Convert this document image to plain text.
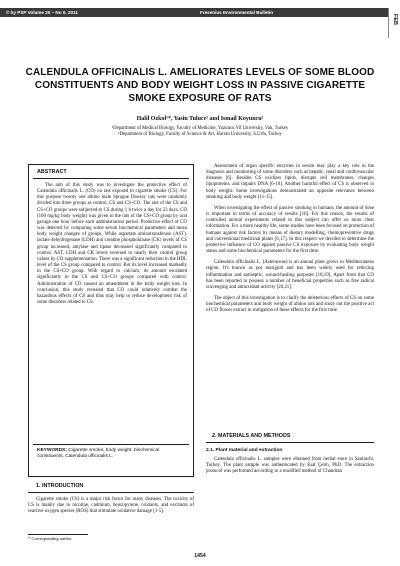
© by PSP Volume 20 – No 6. 2011	Fresenius Environmental Bulletin
FEB
CALENDULA OFFICINALIS L. AMELIORATES LEVELS OF SOME BLOOD CONSTITUENTS AND BODY WEIGHT LOSS IN PASSIVE CIGARETTE SMOKE EXPOSURE OF RATS
Halil Ozkol¹*, Yasin Tuluce¹ and Ismail Koyuncu²
¹Department of Medical Biology, Faculty of Medicine, Yuzuncu Yil University, Van, Turkey
²Department of Biology, Faculty of Science & Art, Harran University, S.Urfa, Turkey
ABSTRACT
The aim of this study was to investigate the protective effect of Calendula officinalis L. (CO) on rats exposed to cigarette smoke (CS). For this purpose twenty one albino male Sprague Dawley rats were randomly divided into three groups as control, CS and CS+CO. The rats of the CS and CS+CO groups were subjected to CS during 1 h twice a day for 23 days. CO (100 mg/kg body weight) was given to the rats of the CS+CO group by oral gavage one hour before each administration period. Protective effect of CO was detected by comparing some serum biochemical parameters and mean body weight changes of groups. While aspartate aminotransferase (AST), lactate dehydrogenase (LDH) and creatine phosphokinase (CK) levels of CS group increased, amylase and lipase decreased significantly compared to control. AST, LDH and CK levels reversed to nearly their control group values by CO supplementation. There was a significant reduction in the HDL level of the CS group compared to control. But its level increased markedly in the CS+CO group. With regard to calcium, its amount escalated significantly in the CS and CS+CO groups compared with control. Administration of CO caused an amendment in the body weight loss. In conclusion, this study revealed that CO could relatively combat the hazardous effects of CS and thus may help to reduce development risk of some disorders related to CS.
KEYWORDS: Cigarette smoke, body weight, biochemical constituents, Calendula officinalis L.
1. INTRODUCTION

Cigarette smoke (CS) is a major risk factor for many diseases. The toxicity of CS is mainly due to nicotine, cadmium, benzopyrene, oxidants, and excitants of reactive oxygen species (ROS) that stimulate oxidative damage [1-5].

Assessment of organ specific enzymes in serum may play a key role in the diagnosis and monitoring of some disorders such as hepatic, renal and cardiovascular diseases [6]. Besides CS oxidizes lipids, disrupts cell membranes, changes lipoproteins, and impairs DNA [6-10]. Another harmful effect of CS is observed in body weight. Some investigations demonstrated an opposite relevance between smoking and body weight [11-15].

When investigating the effect of passive smoking in humans, the amount of dose is important in terms of accuracy of results [16]. For this reason, the results of controlled animal experiments related to this subject can offer us more clear information. For a more healthy life, some studies have been focused on protection of humans against risk factors by means of dietary modelling, chemopreventive drugs and conventional medicinal plants [6,17]. In this respect we decided to determine the protective influence of CO against passive CS exposure by evaluating body weight status and some biochemical parameters for the first time.

Calendula officinalis L. (Asteraceae) is an annual plant grows in Mediterranean region. It's known as pot marigold and has been widely used for reducing inflammation and antiseptic, wound-healing purposes [18,19]. Apart from that CO has been reported to possess a number of beneficial properties such as free radical scavenging and antioxidant activity [20,21].

The object of this investigation is to clarify the deleterious effects of CS on some biochemical parameters and body weight of albino rats and study out the positive act of CO flower extract in mitigation of these effects for the first time.

2. MATERIALS AND METHODS
2.1. Plant material and extraction

Calendula officinalis L. samples were obtained from herbal store in Sanliurfa, Turkey. The plant sample was authenticated by Esat Çetin, PhD. The extraction protocol was performed according to a modified method of Chandran

* Corresponding author
1454
